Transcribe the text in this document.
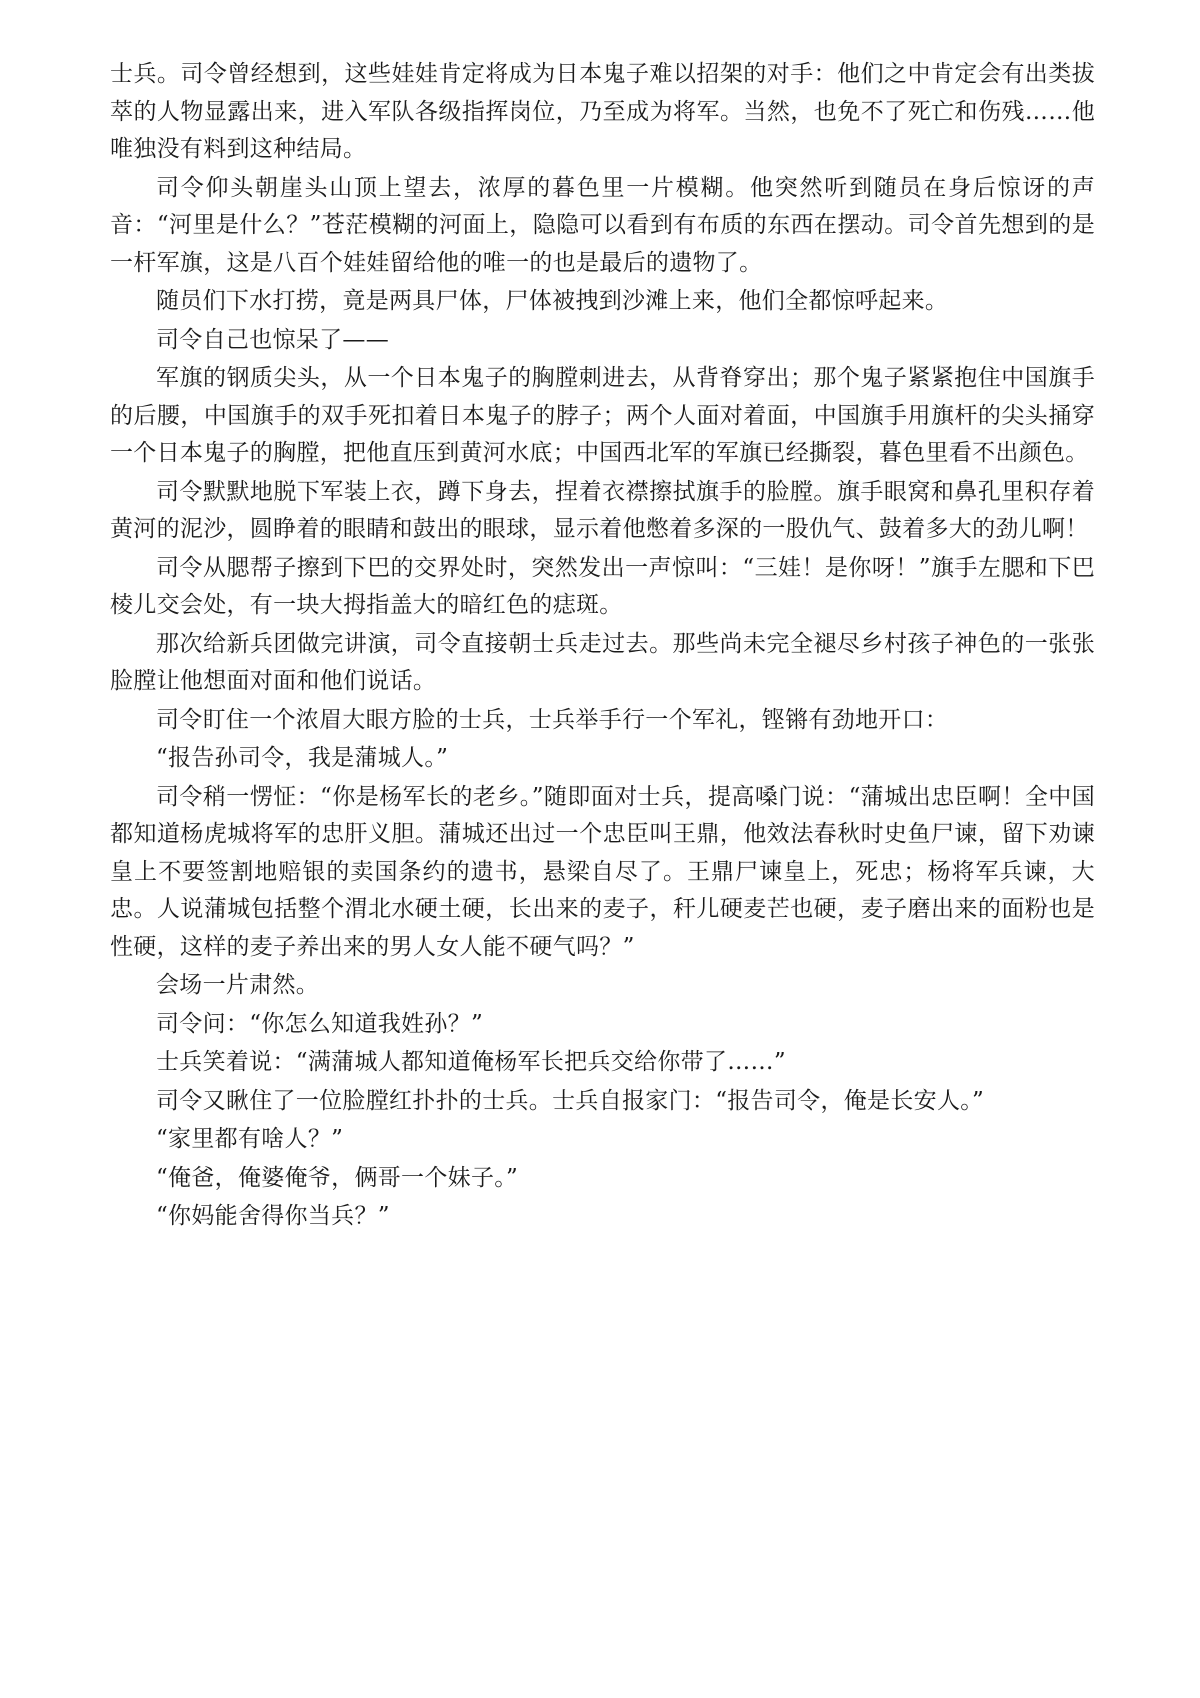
士兵。司令曾经想到，这些娃娃肯定将成为日本鬼子难以招架的对手：他们之中肯定会有出类拔萃的人物显露出来，进入军队各级指挥岗位，乃至成为将军。当然，也免不了死亡和伤残……他唯独没有料到这种结局。

司令仰头朝崖头山顶上望去，浓厚的暮色里一片模糊。他突然听到随员在身后惊讶的声音：“河里是什么？”苍茫模糊的河面上，隐隐可以看到有布质的东西在摆动。司令首先想到的是一杆军旗，这是八百个娃娃留给他的唯一的也是最后的遗物了。

随员们下水打捞，竟是两具尸体，尸体被拽到沙滩上来，他们全都惊呼起来。

司令自己也惊呆了——

军旗的钢质尖头，从一个日本鬼子的胸膛刺进去，从背脊穿出；那个鬼子紧紧抱住中国旗手的后腰，中国旗手的双手死扣着日本鬼子的脖子；两个人面对着面，中国旗手用旗杆的尖头捅穿一个日本鬼子的胸膛，把他直压到黄河水底；中国西北军的军旗已经撕裂，暮色里看不出颜色。

司令默默地脱下军装上衣，蹲下身去，捏着衣襟擦拭旗手的脸膛。旗手眼窝和鼻孔里积存着黄河的泥沙，圆睁着的眼睛和鼓出的眼球，显示着他憋着多深的一股仇气、鼓着多大的劲儿啊！

司令从腮帮子擦到下巴的交界处时，突然发出一声惊叫：“三娃！是你呀！”旗手左腮和下巴棱儿交会处，有一块大拇指盖大的暗红色的痣斑。

那次给新兵团做完讲演，司令直接朝士兵走过去。那些尚未完全褪尽乡村孩子神色的一张张脸膛让他想面对面和他们说话。

司令盯住一个浓眉大眼方脸的士兵，士兵举手行一个军礼，铿锵有劲地开口：

“报告孙司令，我是蒲城人。”

司令稍一愣怔：“你是杨军长的老乡。”随即面对士兵，提高嗓门说：“蒲城出忠臣啊！全中国都知道杨虎城将军的忠肝义胆。蒲城还出过一个忠臣叫王鼎，他效法春秋时史鱼尸谏，留下劝谏皇上不要签割地赔银的卖国条约的遗书，悬梁自尽了。王鼎尸谏皇上，死忠；杨将军兵谏，大忠。人说蒲城包括整个渭北水硬土硬，长出来的麦子，秆儿硬麦芒也硬，麦子磨出来的面粉也是性硬，这样的麦子养出来的男人女人能不硬气吗？”

会场一片肃然。

司令问：“你怎么知道我姓孙？”

士兵笑着说：“满蒲城人都知道俺杨军长把兵交给你带了……”

司令又瞅住了一位脸膛红扑扑的士兵。士兵自报家门：“报告司令，俺是长安人。”

“家里都有啥人？”

“俺爸，俺婆俺爷，俩哥一个妹子。”

“你妈能舍得你当兵？”
